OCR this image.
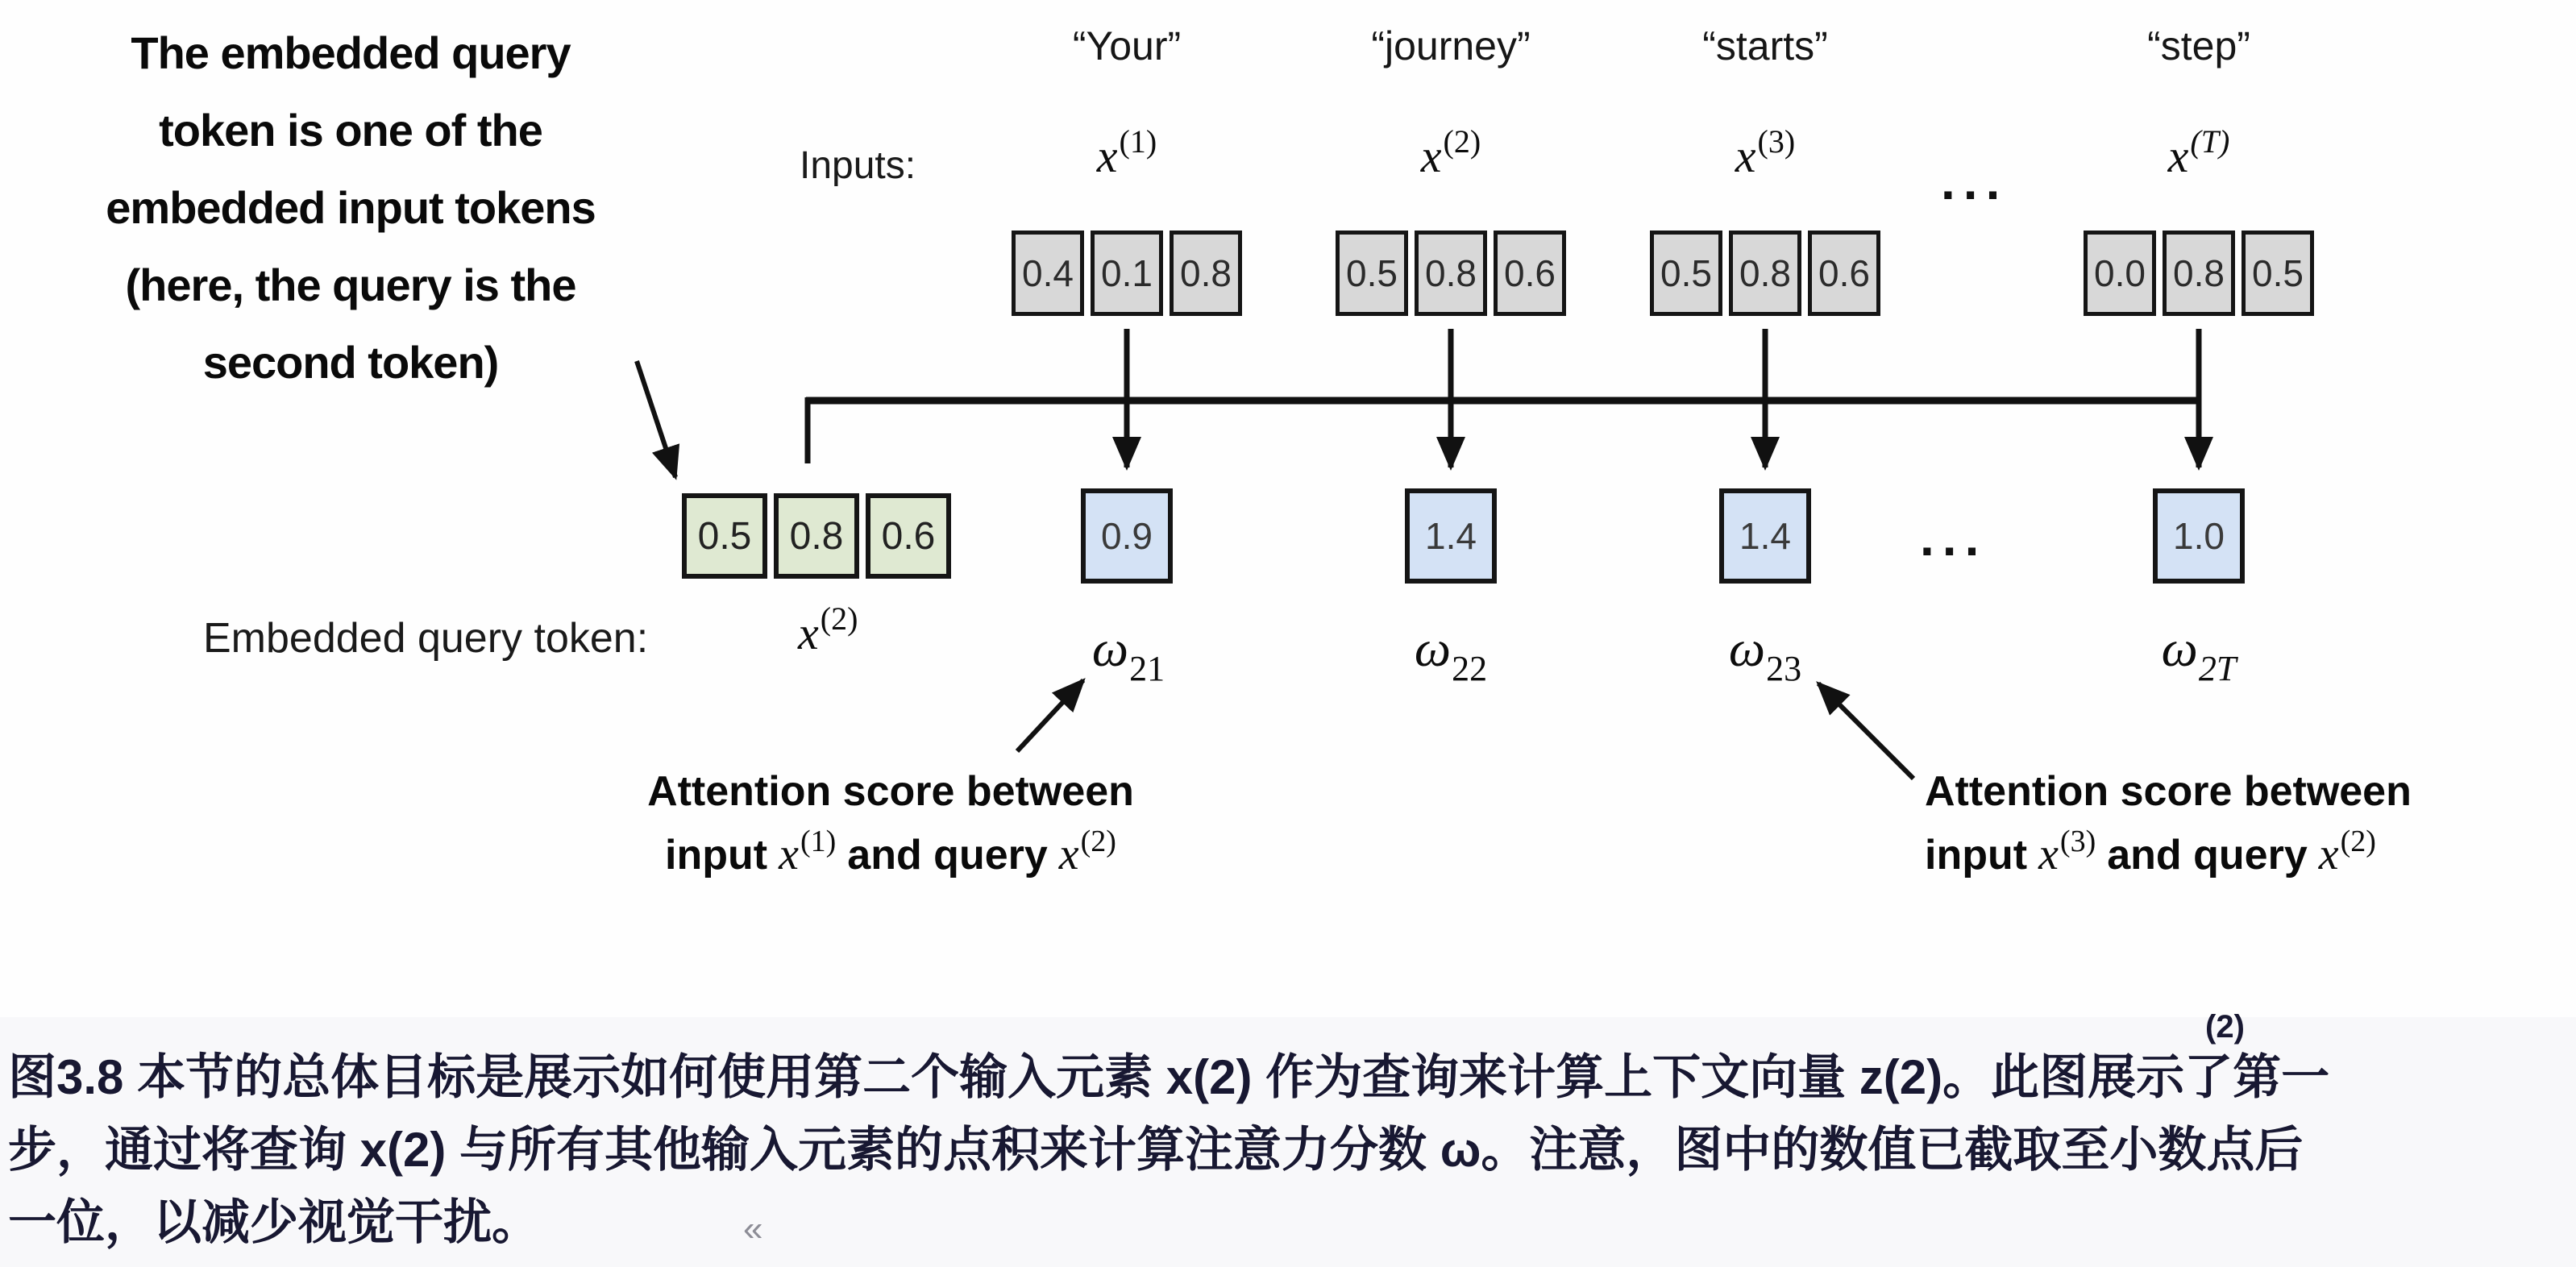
The embedded query
token is one of the
embedded input tokens
(here, the query is the
second token)
“Your”	“journey”	“starts”	“step”
Inputs:	$x^{(1)}$	$x^{(2)}$	$x^{(3)}$	$x^{(T)}$
...
0.4 0.1 0.8	0.5 0.8 0.6	0.5 0.8 0.6	0.0 0.8 0.5
0.5 0.8 0.6	0.9	1.4	1.4	1.0
...
Embedded query token:	$x^{(2)}$
$\omega_{21}$	$\omega_{22}$	$\omega_{23}$	$\omega_{2T}$
Attention score between
input $x^{(1)}$ and query $x^{(2)}$
Attention score between
input $x^{(3)}$ and query $x^{(2)}$
图3.8 本节的总体目标是展示如何使用第二个输入元素 x(2) 作为查询来计算上下文向量 z(2)。此图展示了第一
步，通过将查询 x(2) 与所有其他输入元素的点积来计算注意力分数 ω。注意，图中的数值已截取至小数点后
一位，以减少视觉干扰。
(2)
«
